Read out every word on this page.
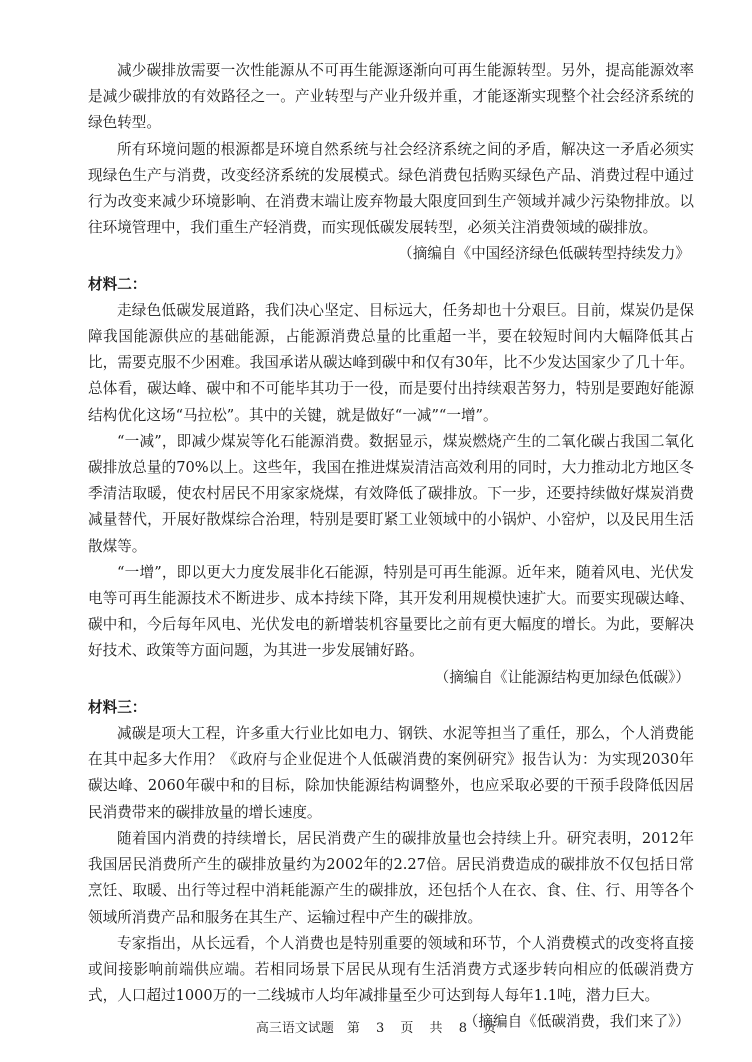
减少碳排放需要一次性能源从不可再生能源逐渐向可再生能源转型。另外，提高能源效率是减少碳排放的有效路径之一。产业转型与产业升级并重，才能逐渐实现整个社会经济系统的绿色转型。

所有环境问题的根源都是环境自然系统与社会经济系统之间的矛盾，解决这一矛盾必须实现绿色生产与消费，改变经济系统的发展模式。绿色消费包括购买绿色产品、消费过程中通过行为改变来减少环境影响、在消费末端让废弃物最大限度回到生产领域并减少污染物排放。以往环境管理中，我们重生产轻消费，而实现低碳发展转型，必须关注消费领域的碳排放。

（摘编自《中国经济绿色低碳转型持续发力》

材料二：

走绿色低碳发展道路，我们决心坚定、目标远大，任务却也十分艰巨。目前，煤炭仍是保障我国能源供应的基础能源，占能源消费总量的比重超一半，要在较短时间内大幅降低其占比，需要克服不少困难。我国承诺从碳达峰到碳中和仅有30年，比不少发达国家少了几十年。总体看，碳达峰、碳中和不可能毕其功于一役，而是要付出持续艰苦努力，特别是要跑好能源结构优化这场“马拉松”。其中的关键，就是做好“一减”“一增”。

“一减”，即减少煤炭等化石能源消费。数据显示，煤炭燃烧产生的二氧化碳占我国二氧化碳排放总量的70%以上。这些年，我国在推进煤炭清洁高效利用的同时，大力推动北方地区冬季清洁取暖，使农村居民不用家家烧煤，有效降低了碳排放。下一步，还要持续做好煤炭消费减量替代，开展好散煤综合治理，特别是要盯紧工业领域中的小锅炉、小窑炉，以及民用生活散煤等。

“一增”，即以更大力度发展非化石能源，特别是可再生能源。近年来，随着风电、光伏发电等可再生能源技术不断进步、成本持续下降，其开发利用规模快速扩大。而要实现碳达峰、碳中和，今后每年风电、光伏发电的新增装机容量要比之前有更大幅度的增长。为此，要解决好技术、政策等方面问题，为其进一步发展铺好路。

（摘编自《让能源结构更加绿色低碳》）

材料三：

减碳是项大工程，许多重大行业比如电力、钢铁、水泥等担当了重任，那么，个人消费能在其中起多大作用？《政府与企业促进个人低碳消费的案例研究》报告认为：为实现2030年碳达峰、2060年碳中和的目标，除加快能源结构调整外，也应采取必要的干预手段降低因居民消费带来的碳排放量的增长速度。

随着国内消费的持续增长，居民消费产生的碳排放量也会持续上升。研究表明，2012年我国居民消费所产生的碳排放量约为2002年的2.27倍。居民消费造成的碳排放不仅包括日常烹饪、取暖、出行等过程中消耗能源产生的碳排放，还包括个人在衣、食、住、行、用等各个领域所消费产品和服务在其生产、运输过程中产生的碳排放。

专家指出，从长远看，个人消费也是特别重要的领域和环节，个人消费模式的改变将直接或间接影响前端供应端。若相同场景下居民从现有生活消费方式逐步转向相应的低碳消费方式，人口超过1000万的一二线城市人均年减排量至少可达到每人每年1.1吨，潜力巨大。

（摘编自《低碳消费，我们来了》）

高三语文试题　第 3 页 共 8 页
